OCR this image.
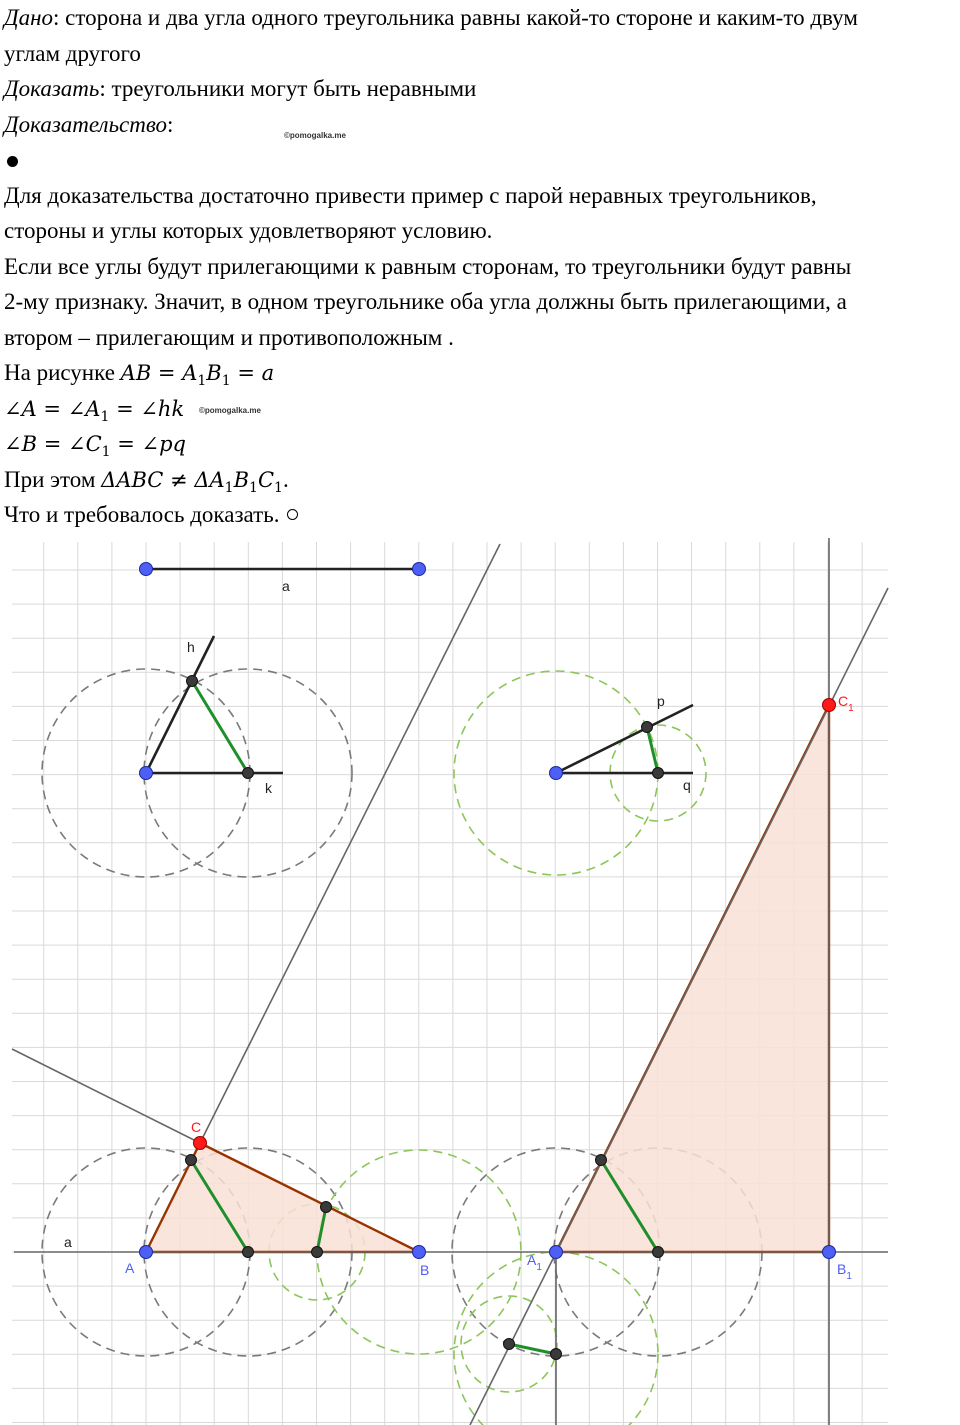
Дано: сторона и два угла одного треугольника равны какой-то стороне и каким-то двум
углам другого
Доказать: треугольники могут быть неравными
Доказательство:
Для доказательства достаточно привести пример с парой неравных треугольников,
стороны и углы которых удовлетворяют условию.
Если все углы будут прилегающими к равным сторонам, то треугольники будут равны
2-му признаку. Значит, в одном треугольнике оба угла должны быть прилегающими, а
втором – прилегающим и противоположным .
На рисунке AB = $A_1B_1 = a$
∠A = $\angle A_1$ = ∠hk
∠B = $\angle C_1$ = ∠pq
При этом $\Delta ABC \ne \Delta A_1B_1C_1$.
Что и требовалось доказать.
©pomogalka.me
©pomogalka.me
a
h
k
p
q
A	B
C
$A_1$	$B_1$
$C_1$
a
